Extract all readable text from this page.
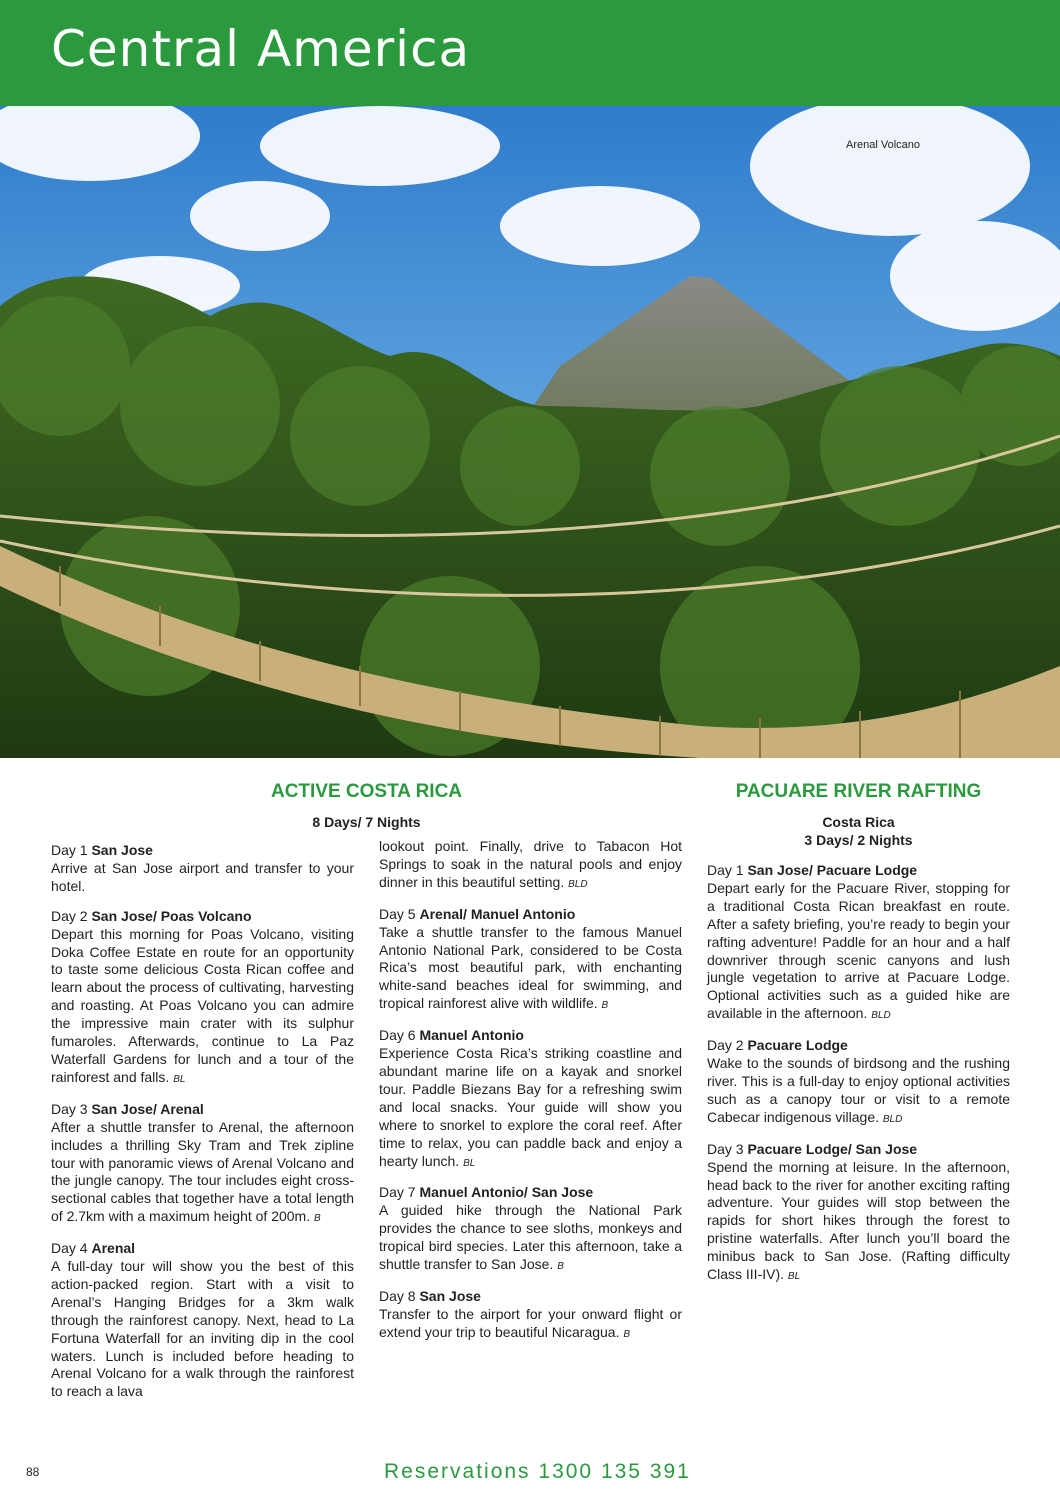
Central America
Arenal Volcano
ACTIVE COSTA RICA
8 Days/ 7 Nights
PACUARE RIVER RAFTING
Costa Rica
3 Days/ 2 Nights
Day 1 San Jose
Arrive at San Jose airport and transfer to your hotel.
Day 2 San Jose/ Poas Volcano
Depart this morning for Poas Volcano, visiting Doka Coffee Estate en route for an opportunity to taste some delicious Costa Rican coffee and learn about the process of cultivating, harvesting and roasting. At Poas Volcano you can admire the impressive main crater with its sulphur fumaroles. Afterwards, continue to La Paz Waterfall Gardens for lunch and a tour of the rainforest and falls. BL
Day 3 San Jose/ Arenal
After a shuttle transfer to Arenal, the afternoon includes a thrilling Sky Tram and Trek zipline tour with panoramic views of Arenal Volcano and the jungle canopy. The tour includes eight cross-sectional cables that together have a total length of 2.7km with a maximum height of 200m. B
Day 4 Arenal
A full-day tour will show you the best of this action-packed region. Start with a visit to Arenal’s Hanging Bridges for a 3km walk through the rainforest canopy. Next, head to La Fortuna Waterfall for an inviting dip in the cool waters. Lunch is included before heading to Arenal Volcano for a walk through the rainforest to reach a lava
lookout point. Finally, drive to Tabacon Hot Springs to soak in the natural pools and enjoy dinner in this beautiful setting. BLD
Day 5 Arenal/ Manuel Antonio
Take a shuttle transfer to the famous Manuel Antonio National Park, considered to be Costa Rica’s most beautiful park, with enchanting white-sand beaches ideal for swimming, and tropical rainforest alive with wildlife. B
Day 6 Manuel Antonio
Experience Costa Rica’s striking coastline and abundant marine life on a kayak and snorkel tour. Paddle Biezans Bay for a refreshing swim and local snacks. Your guide will show you where to snorkel to explore the coral reef. After time to relax, you can paddle back and enjoy a hearty lunch. BL
Day 7 Manuel Antonio/ San Jose
A guided hike through the National Park provides the chance to see sloths, monkeys and tropical bird species. Later this afternoon, take a shuttle transfer to San Jose. B
Day 8 San Jose
Transfer to the airport for your onward flight or extend your trip to beautiful Nicaragua. B
Day 1 San Jose/ Pacuare Lodge
Depart early for the Pacuare River, stopping for a traditional Costa Rican breakfast en route. After a safety briefing, you’re ready to begin your rafting adventure! Paddle for an hour and a half downriver through scenic canyons and lush jungle vegetation to arrive at Pacuare Lodge. Optional activities such as a guided hike are available in the afternoon. BLD
Day 2 Pacuare Lodge
Wake to the sounds of birdsong and the rushing river. This is a full-day to enjoy optional activities such as a canopy tour or visit to a remote Cabecar indigenous village. BLD
Day 3 Pacuare Lodge/ San Jose
Spend the morning at leisure. In the afternoon, head back to the river for another exciting rafting adventure. Your guides will stop between the rapids for short hikes through the forest to pristine waterfalls. After lunch you’ll board the minibus back to San Jose. (Rafting difficulty Class III-IV). BL
88	Reservations 1300 135 391
